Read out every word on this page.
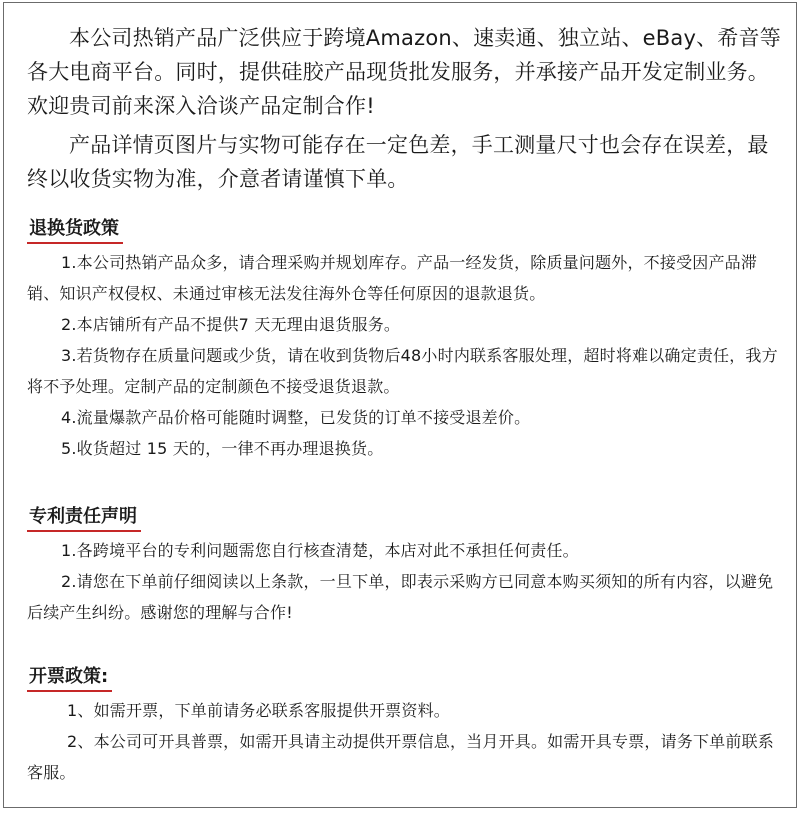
本公司热销产品广泛供应于跨境Amazon、速卖通、独立站、eBay、希音等各大电商平台。同时，提供硅胶产品现货批发服务，并承接产品开发定制业务。欢迎贵司前来深入洽谈产品定制合作!

产品详情页图片与实物可能存在一定色差，手工测量尺寸也会存在误差，最终以收货实物为准，介意者请谨慎下单。

退换货政策

1.本公司热销产品众多，请合理采购并规划库存。产品一经发货，除质量问题外，不接受因产品滞销、知识产权侵权、未通过审核无法发往海外仓等任何原因的退款退货。

2.本店铺所有产品不提供7 天无理由退货服务。

3.若货物存在质量问题或少货，请在收到货物后48小时内联系客服处理，超时将难以确定责任，我方将不予处理。定制产品的定制颜色不接受退货退款。

4.流量爆款产品价格可能随时调整，已发货的订单不接受退差价。

5.收货超过 15 天的，一律不再办理退换货。

专利责任声明

1.各跨境平台的专利问题需您自行核查清楚，本店对此不承担任何责任。

2.请您在下单前仔细阅读以上条款，一旦下单，即表示采购方已同意本购买须知的所有内容，以避免后续产生纠纷。感谢您的理解与合作!

开票政策:

1、如需开票，下单前请务必联系客服提供开票资料。

2、本公司可开具普票，如需开具请主动提供开票信息，当月开具。如需开具专票，请务下单前联系客服。
